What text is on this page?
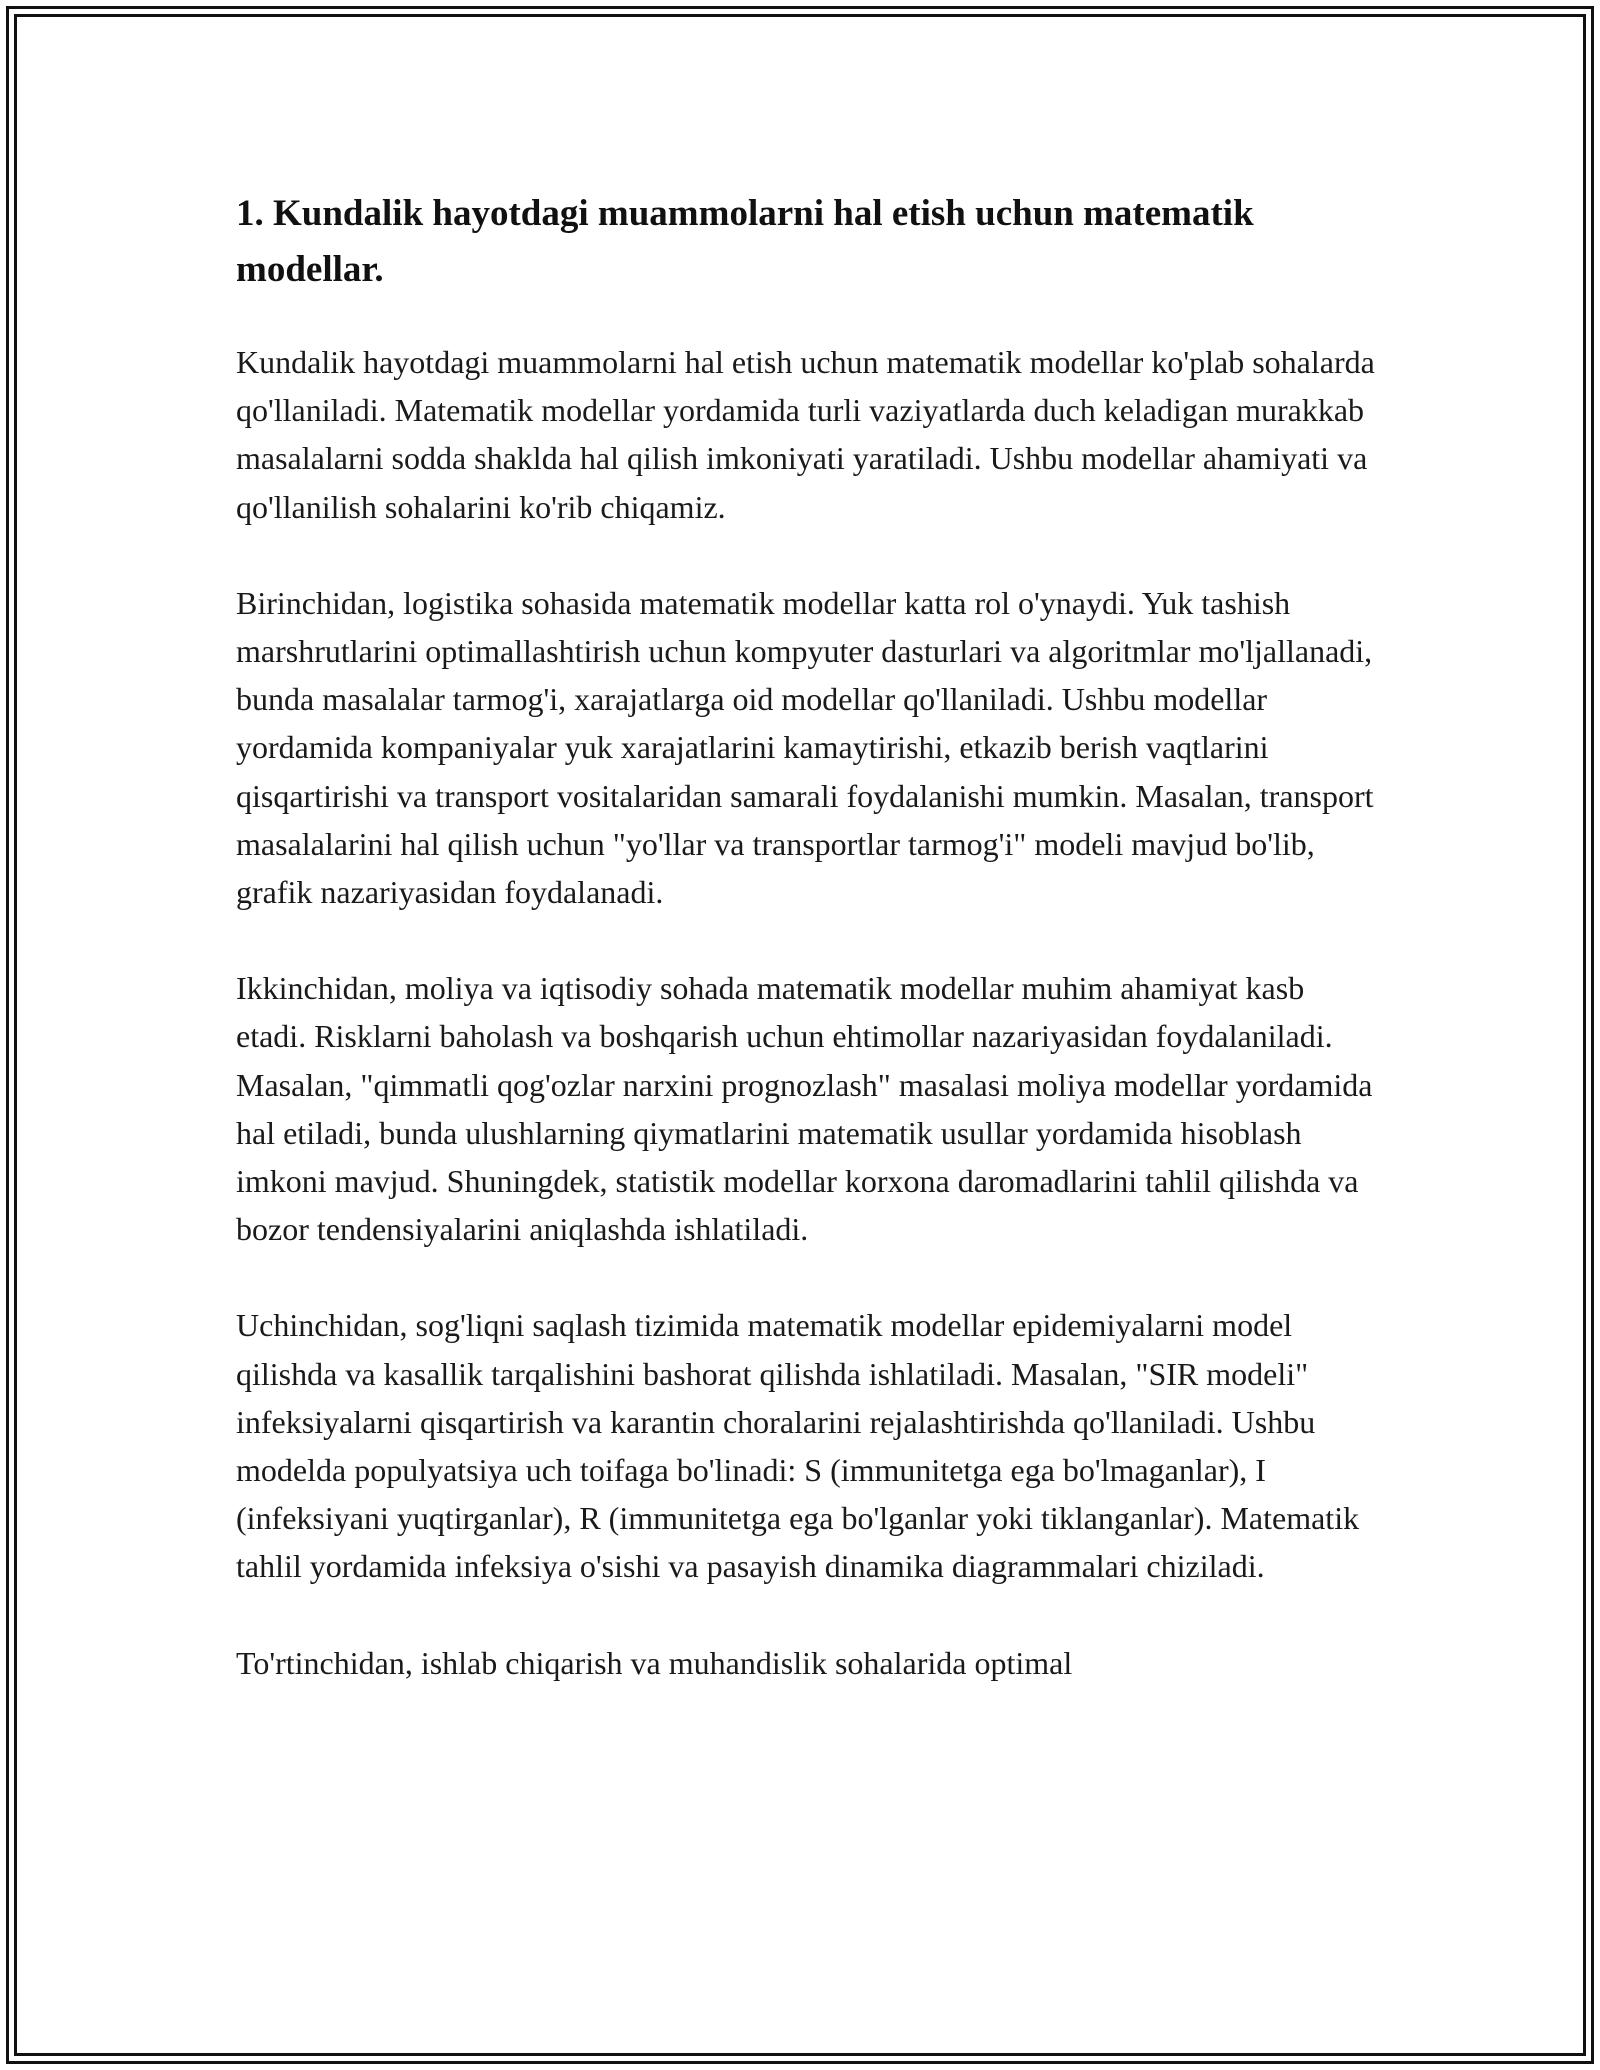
1. Kundalik hayotdagi muammolarni hal etish uchun matematik modellar.

Kundalik hayotdagi muammolarni hal etish uchun matematik modellar ko'plab sohalarda qo'llaniladi. Matematik modellar yordamida turli vaziyatlarda duch keladigan murakkab masalalarni sodda shaklda hal qilish imkoniyati yaratiladi. Ushbu modellar ahamiyati va qo'llanilish sohalarini ko'rib chiqamiz.

Birinchidan, logistika sohasida matematik modellar katta rol o'ynaydi. Yuk tashish marshrutlarini optimallashtirish uchun kompyuter dasturlari va algoritmlar mo'ljallanadi, bunda masalalar tarmog'i, xarajatlarga oid modellar qo'llaniladi. Ushbu modellar yordamida kompaniyalar yuk xarajatlarini kamaytirishi, etkazib berish vaqtlarini qisqartirishi va transport vositalaridan samarali foydalanishi mumkin. Masalan, transport masalalarini hal qilish uchun "yo'llar va transportlar tarmog'i" modeli mavjud bo'lib, grafik nazariyasidan foydalanadi.

Ikkinchidan, moliya va iqtisodiy sohada matematik modellar muhim ahamiyat kasb etadi. Risklarni baholash va boshqarish uchun ehtimollar nazariyasidan foydalaniladi. Masalan, "qimmatli qog'ozlar narxini prognozlash" masalasi moliya modellar yordamida hal etiladi, bunda ulushlarning qiymatlarini matematik usullar yordamida hisoblash imkoni mavjud. Shuningdek, statistik modellar korxona daromadlarini tahlil qilishda va bozor tendensiyalarini aniqlashda ishlatiladi.

Uchinchidan, sog'liqni saqlash tizimida matematik modellar epidemiyalarni model qilishda va kasallik tarqalishini bashorat qilishda ishlatiladi. Masalan, "SIR modeli" infeksiyalarni qisqartirish va karantin choralarini rejalashtirishda qo'llaniladi. Ushbu modelda populyatsiya uch toifaga bo'linadi: S (immunitetga ega bo'lmaganlar), I (infeksiyani yuqtirganlar), R (immunitetga ega bo'lganlar yoki tiklanganlar). Matematik tahlil yordamida infeksiya o'sishi va pasayish dinamika diagrammalari chiziladi.

To'rtinchidan, ishlab chiqarish va muhandislik sohalarida optimal
